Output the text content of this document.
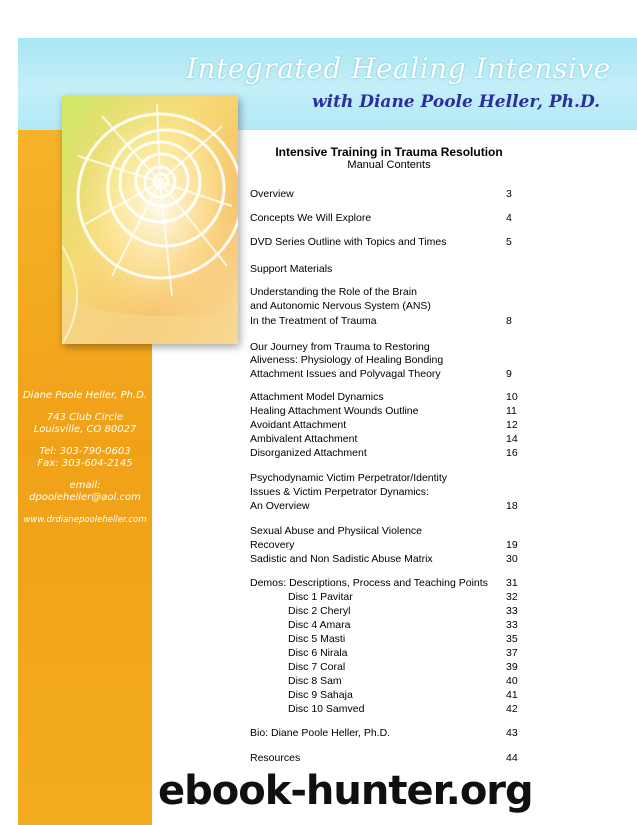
Integrated Healing Intensive
with Diane Poole Heller, Ph.D.
Diane Poole Heller, Ph.D.
743 Club Circle
Louisville, CO 80027
Tel: 303-790-0603
Fax: 303-604-2145
email:
dpooleheller@aol.com
www.drdianepooleheller.com
Intensive Training in Trauma Resolution
Manual Contents
Overview	3
Concepts We Will Explore	4
DVD Series Outline with Topics and Times	5
Support Materials
Understanding the Role of the Brain
and Autonomic Nervous System (ANS)
In the Treatment of Trauma	8
Our Journey from Trauma to Restoring
Aliveness: Physiology of Healing Bonding
Attachment Issues and Polyvagal Theory	9
Attachment Model Dynamics	10
Healing Attachment Wounds Outline	11
Avoidant Attachment	12
Ambivalent Attachment	14
Disorganized Attachment	16
Psychodynamic Victim Perpetrator/Identity
Issues & Victim Perpetrator Dynamics:
An Overview	18
Sexual Abuse and Physiical Violence
Recovery	19
Sadistic and Non Sadistic Abuse Matrix	30
Demos: Descriptions, Process and Teaching Points	31
Disc 1 Pavitar	32
Disc 2 Cheryl	33
Disc 4 Amara	33
Disc 5 Masti	35
Disc 6 Nirala	37
Disc 7 Coral	39
Disc 8 Sam	40
Disc 9 Sahaja	41
Disc 10 Samved	42
Bio: Diane Poole Heller, Ph.D.	43
Resources	44
ebook-hunter.org
